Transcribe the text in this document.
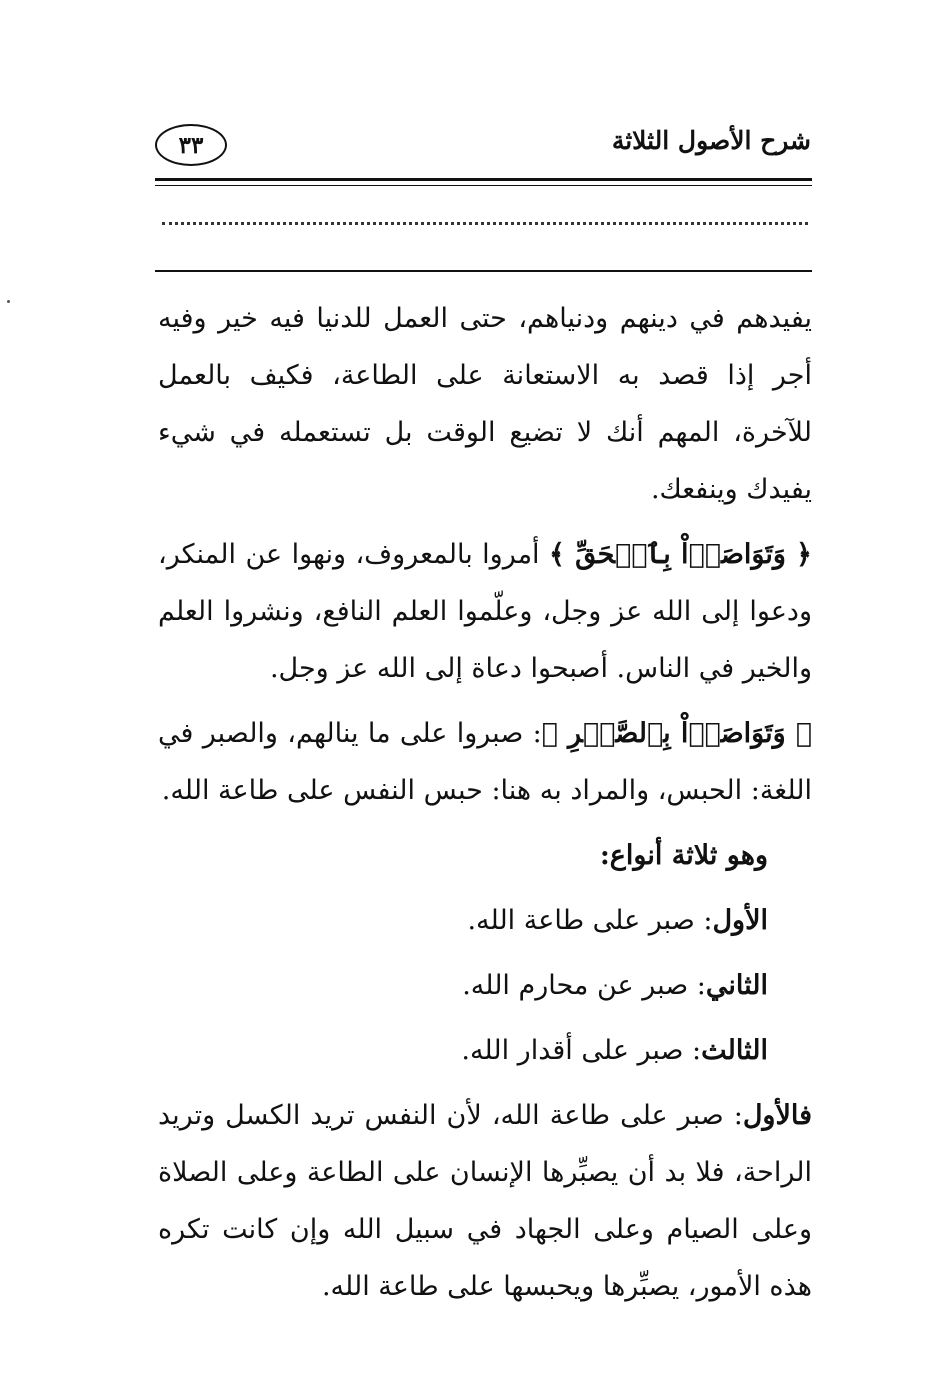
شرح الأصول الثلاثة
٣٣

يفيدهم في دينهم ودنياهم، حتى العمل للدنيا فيه خير وفيه أجر إذا قصد به الاستعانة على الطاعة، فكيف بالعمل للآخرة، المهم أنك لا تضيع الوقت بل تستعمله في شيء يفيدك وينفعك.

﴿ وَتَوَاصَوۡاْ بِٱلۡحَقِّ ﴾ أمروا بالمعروف، ونهوا عن المنكر، ودعوا إلى الله عز وجل، وعلّموا العلم النافع، ونشروا العلم والخير في الناس. أصبحوا دعاة إلى الله عز وجل.

﴿ وَتَوَاصَوۡاْ بِٱلصَّبۡرِ ﴾: صبروا على ما ينالهم، والصبر في اللغة: الحبس، والمراد به هنا: حبس النفس على طاعة الله.

وهو ثلاثة أنواع:

الأول: صبر على طاعة الله.

الثاني: صبر عن محارم الله.

الثالث: صبر على أقدار الله.

فالأول: صبر على طاعة الله، لأن النفس تريد الكسل وتريد الراحة، فلا بد أن يصبِّرها الإنسان على الطاعة وعلى الصلاة وعلى الصيام وعلى الجهاد في سبيل الله وإن كانت تكره هذه الأمور، يصبِّرها ويحبسها على طاعة الله.
